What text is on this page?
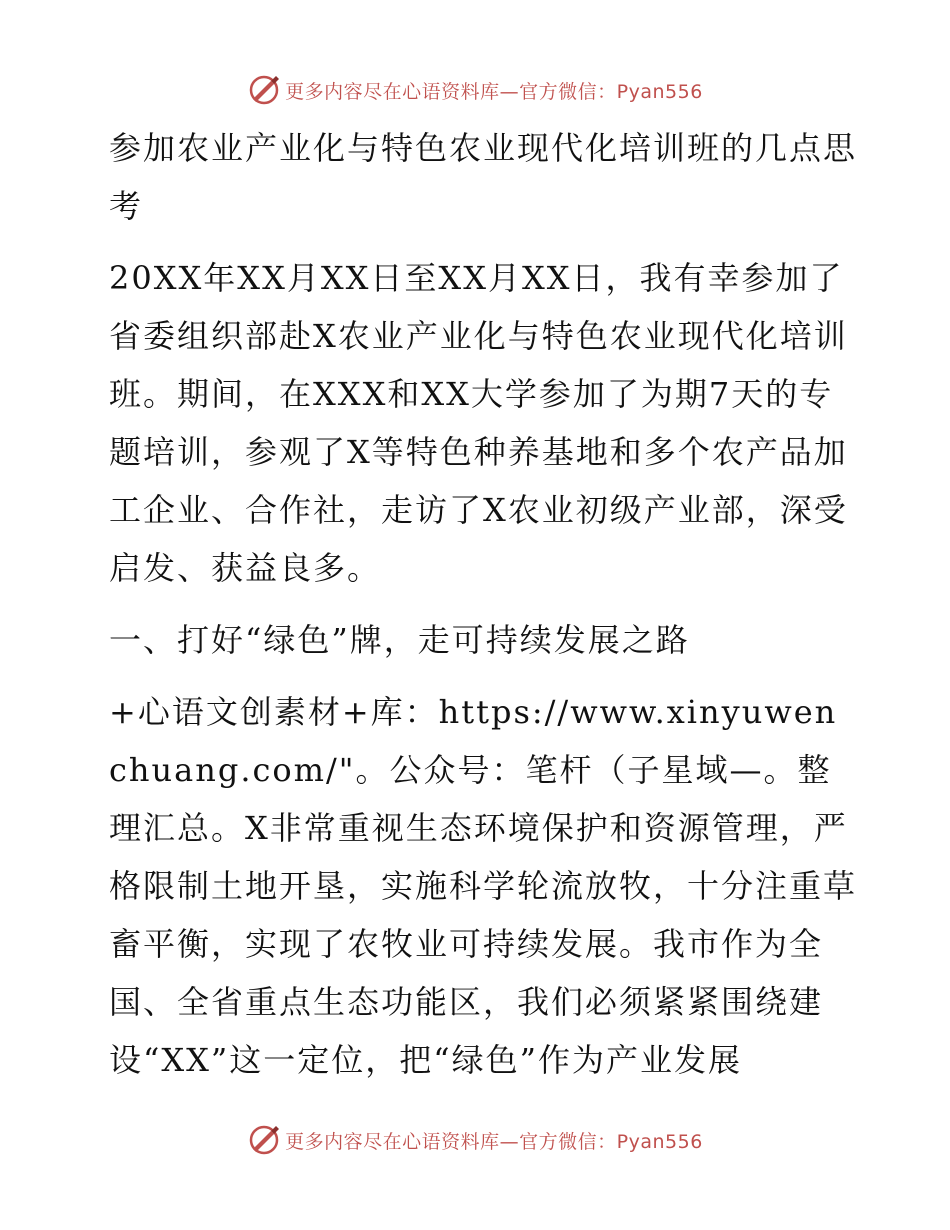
更多内容尽在心语资料库—官方微信：Pyan556

参加农业产业化与特色农业现代化培训班的几点思考

20XX年XX月XX日至XX月XX日，我有幸参加了省委组织部赴X农业产业化与特色农业现代化培训班。期间，在XXX和XX大学参加了为期7天的专题培训，参观了X等特色种养基地和多个农产品加工企业、合作社，走访了X农业初级产业部，深受启发、获益良多。

一、打好“绿色”牌，走可持续发展之路

+心语文创素材+库：https://www.xinyuwenchuang.com/"。公众号：笔杆（子星域—。整理汇总。X非常重视生态环境保护和资源管理，严格限制土地开垦，实施科学轮流放牧，十分注重草畜平衡，实现了农牧业可持续发展。我市作为全国、全省重点生态功能区，我们必须紧紧围绕建设“XX”这一定位，把“绿色”作为产业发展

更多内容尽在心语资料库—官方微信：Pyan556
